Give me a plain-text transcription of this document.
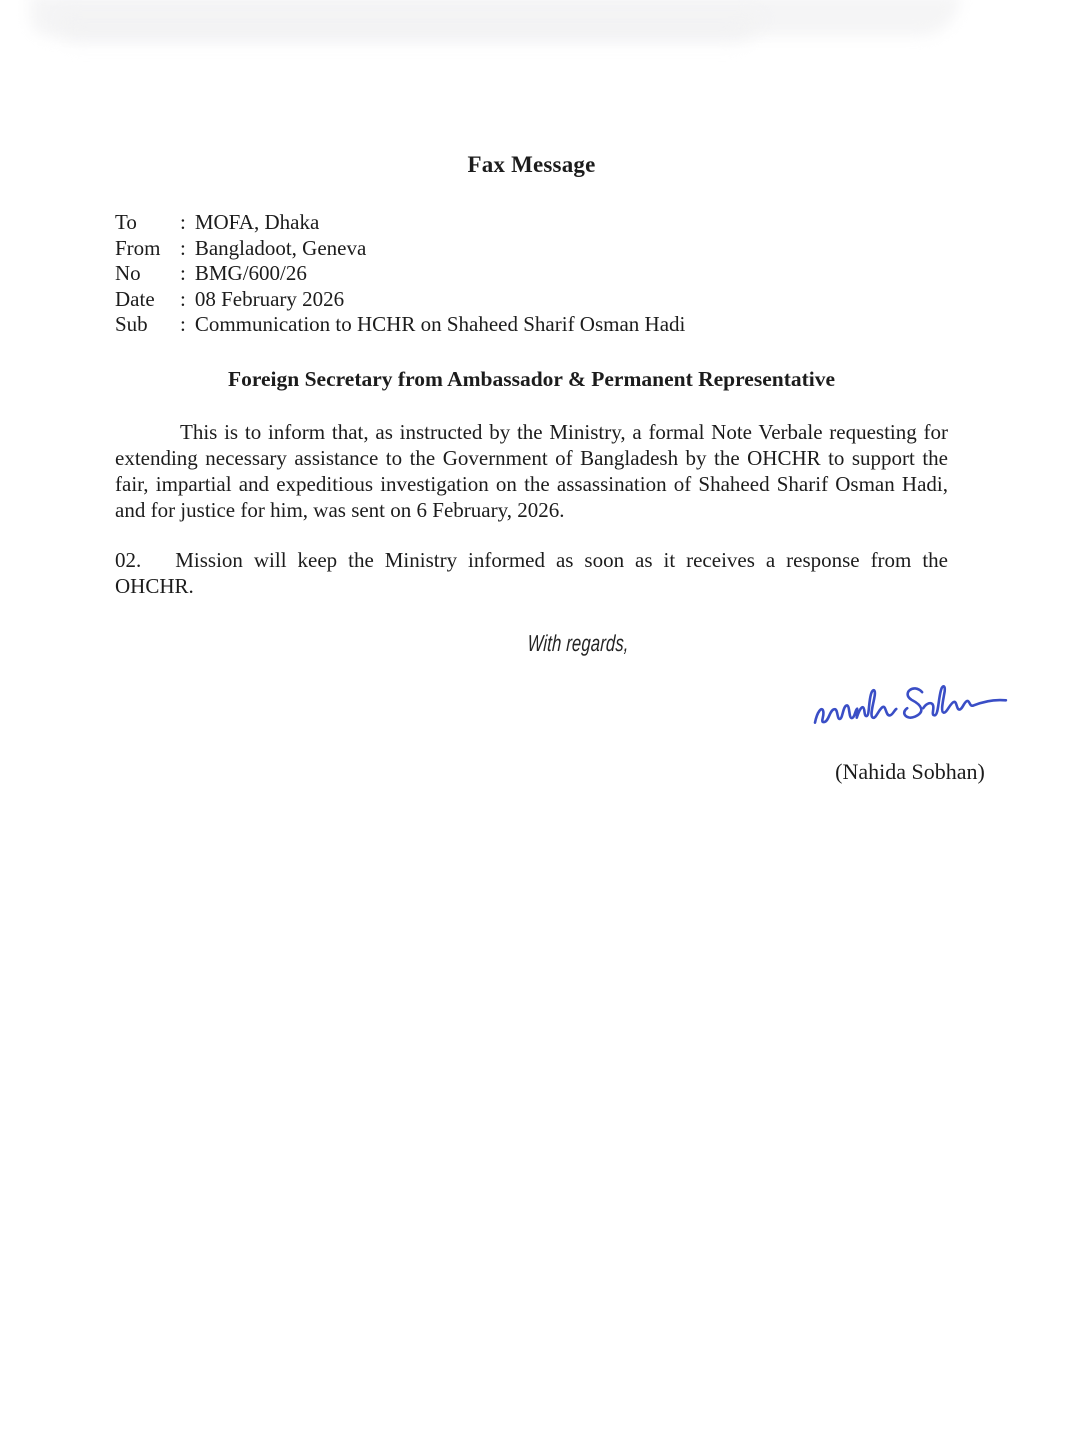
Fax Message
To	: MOFA, Dhaka
From : Bangladoot, Geneva
No	: BMG/600/26
Date	: 08 February 2026
Sub	: Communication to HCHR on Shaheed Sharif Osman Hadi
Foreign Secretary from Ambassador & Permanent Representative

This is to inform that, as instructed by the Ministry, a formal Note Verbale requesting for extending necessary assistance to the Government of Bangladesh by the OHCHR to support the fair, impartial and expeditious investigation on the assassination of Shaheed Sharif Osman Hadi, and for justice for him, was sent on 6 February, 2026.

02. Mission will keep the Ministry informed as soon as it receives a response from the OHCHR.

With regards,
(Nahida Sobhan)
